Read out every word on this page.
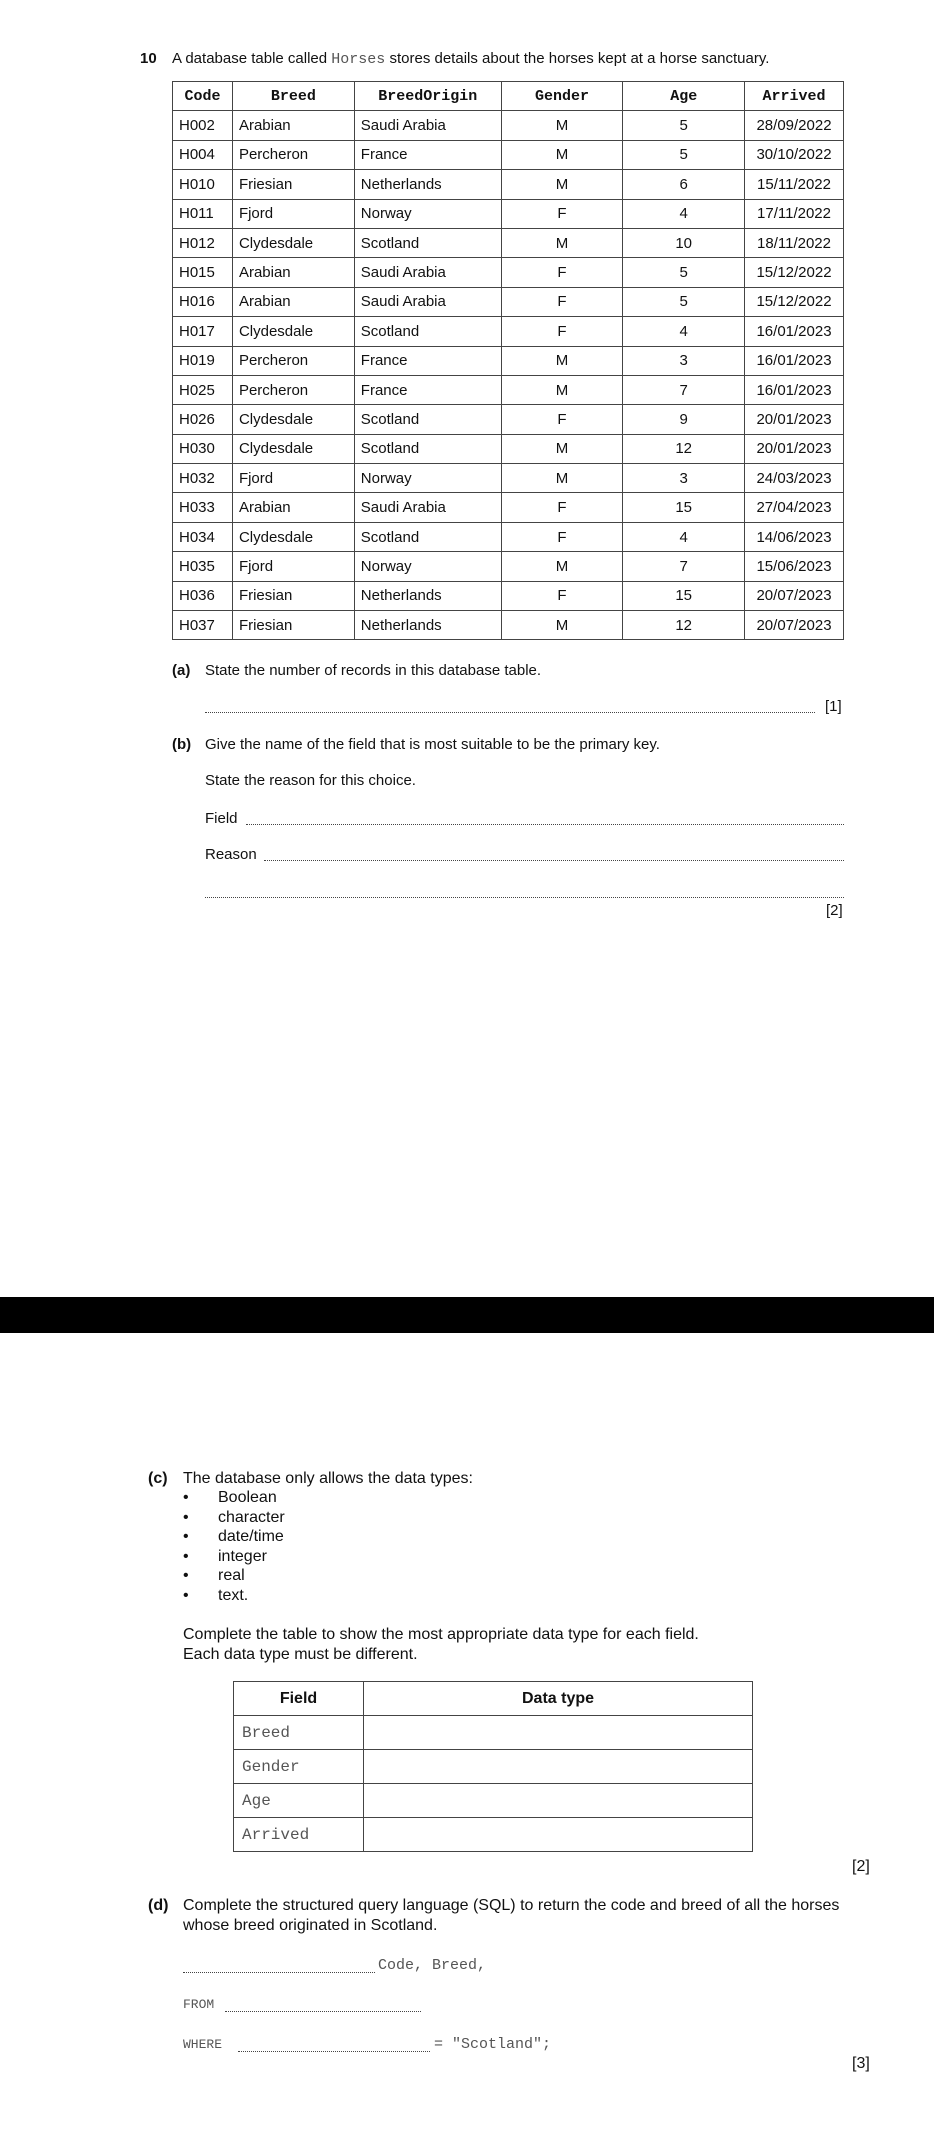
10 A database table called Horses stores details about the horses kept at a horse sanctuary.
Code	Breed	BreedOrigin	Gender	Age	Arrived
H002	Arabian	Saudi Arabia	M	5	28/09/2022
H004	Percheron	France	M	5	30/10/2022
H010	Friesian	Netherlands	M	6	15/11/2022
H011	Fjord	Norway	F	4	17/11/2022
H012	Clydesdale	Scotland	M	10	18/11/2022
H015	Arabian	Saudi Arabia	F	5	15/12/2022
H016	Arabian	Saudi Arabia	F	5	15/12/2022
H017	Clydesdale	Scotland	F	4	16/01/2023
H019	Percheron	France	M	3	16/01/2023
H025	Percheron	France	M	7	16/01/2023
H026	Clydesdale	Scotland	F	9	20/01/2023
H030	Clydesdale	Scotland	M	12	20/01/2023
H032	Fjord	Norway	M	3	24/03/2023
H033	Arabian	Saudi Arabia	F	15	27/04/2023
H034	Clydesdale	Scotland	F	4	14/06/2023
H035	Fjord	Norway	M	7	15/06/2023
H036	Friesian	Netherlands	F	15	20/07/2023
H037	Friesian	Netherlands	M	12	20/07/2023
(a) State the number of records in this database table.
[1]
(b) Give the name of the field that is most suitable to be the primary key.
State the reason for this choice.
Field
Reason
[2]
(c) The database only allows the data types:
• Boolean
• character
• date/time
• integer
• real
• text.
Complete the table to show the most appropriate data type for each field.
Each data type must be different.
Field	Data type
Breed	
Gender	
Age	
Arrived	
[2]
(d) Complete the structured query language (SQL) to return the code and breed of all the horses
whose breed originated in Scotland.
Code, Breed,
FROM
WHERE	= "Scotland";
[3]
